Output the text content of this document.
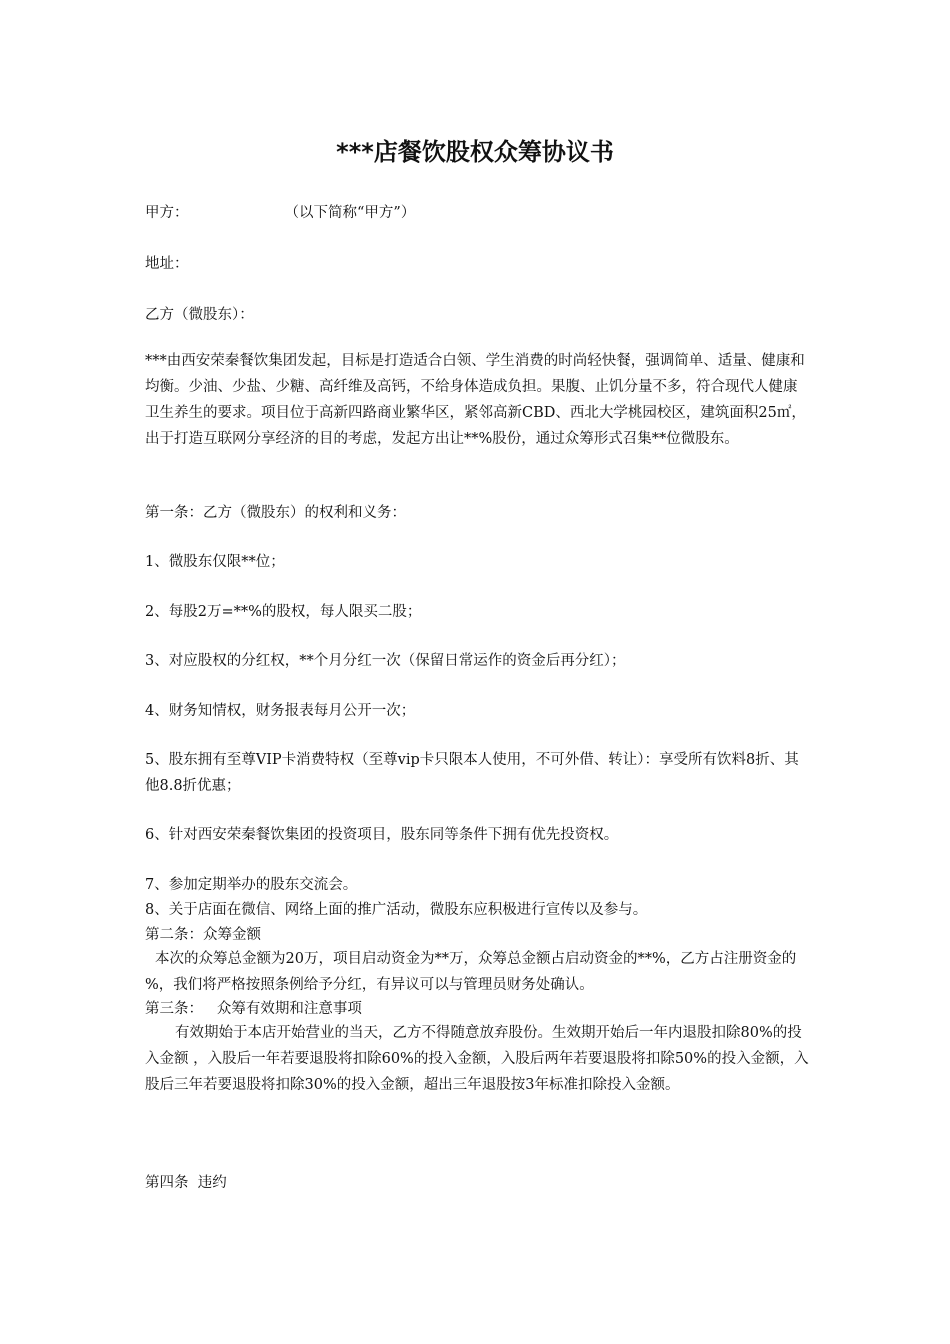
***店餐饮股权众筹协议书

甲方：	（以下简称“甲方”）

地址：

乙方（微股东）：

***由西安荣秦餐饮集团发起，目标是打造适合白领、学生消费的时尚轻快餐，强调简单、适量、健康和均衡。少油、少盐、少糖、高纤维及高钙，不给身体造成负担。果腹、止饥分量不多，符合现代人健康卫生养生的要求。项目位于高新四路商业繁华区，紧邻高新CBD、西北大学桃园校区，建筑面积25㎡，出于打造互联网分享经济的目的考虑，发起方出让**%股份，通过众筹形式召集**位微股东。

第一条：乙方（微股东）的权利和义务：

1、微股东仅限**位；

2、每股2万=**%的股权，每人限买二股；

3、对应股权的分红权，**个月分红一次（保留日常运作的资金后再分红）；

4、财务知情权，财务报表每月公开一次；

5、股东拥有至尊VIP卡消费特权（至尊vip卡只限本人使用，不可外借、转让）：享受所有饮料8折、其他8.8折优惠；

6、针对西安荣秦餐饮集团的投资项目，股东同等条件下拥有优先投资权。

7、参加定期举办的股东交流会。

8、关于店面在微信、网络上面的推广活动，微股东应积极进行宣传以及参与。

第二条：众筹金额

本次的众筹总金额为20万，项目启动资金为**万，众筹总金额占启动资金的**%，乙方占注册资金的  %，我们将严格按照条例给予分红，有异议可以与管理员财务处确认。

第三条：   众筹有效期和注意事项

有效期始于本店开始营业的当天，乙方不得随意放弃股份。生效期开始后一年内退股扣除80%的投入金额 ，入股后一年若要退股将扣除60%的投入金额，入股后两年若要退股将扣除50%的投入金额，入股后三年若要退股将扣除30%的投入金额，超出三年退股按3年标准扣除投入金额。

第四条  违约
